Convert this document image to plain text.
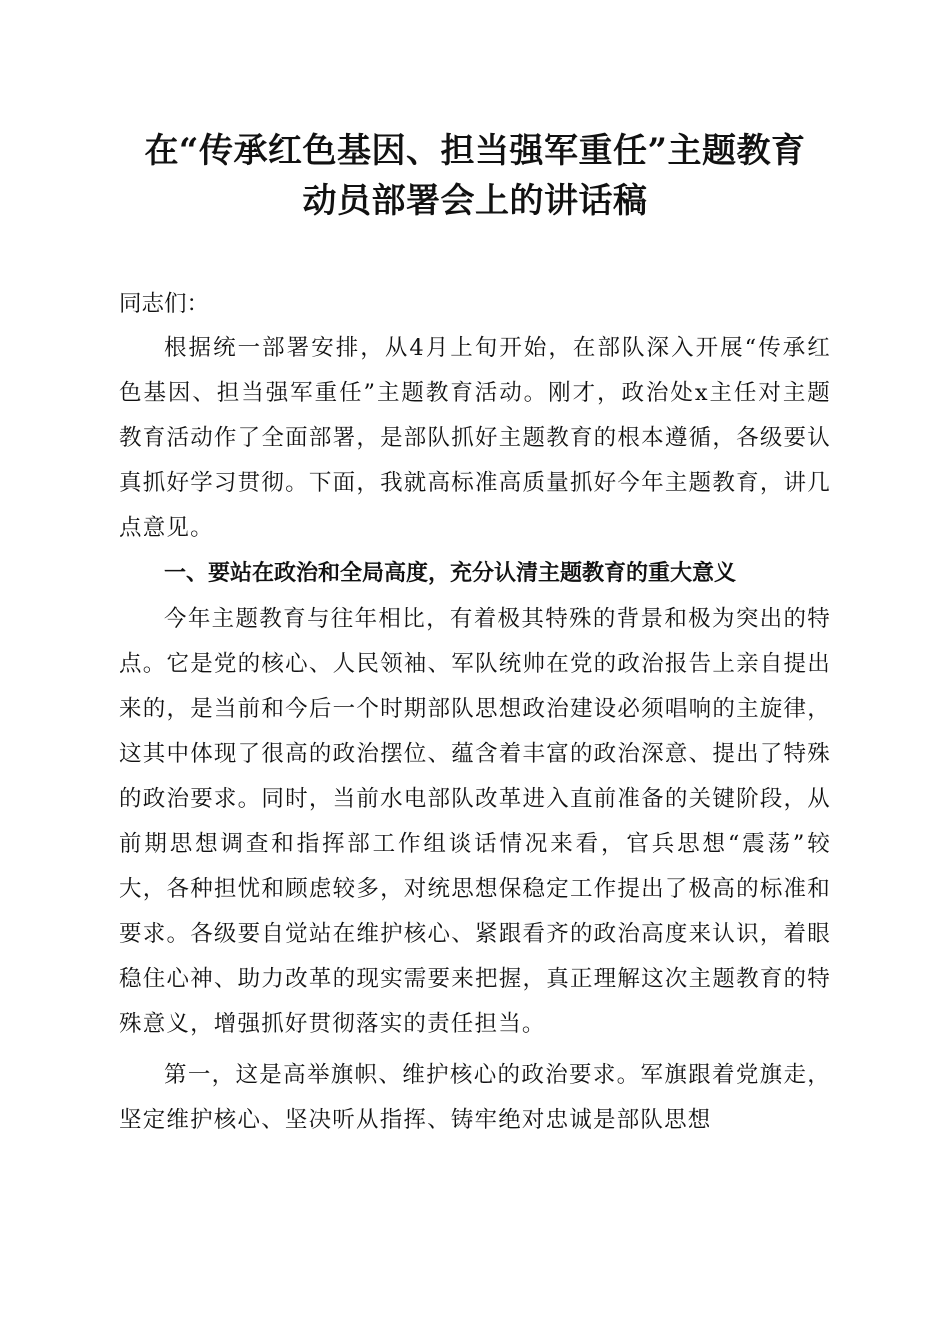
在“传承红色基因、担当强军重任”主题教育
动员部署会上的讲话稿

同志们：

根据统一部署安排，从4月上旬开始，在部队深入开展“传承红色基因、担当强军重任”主题教育活动。刚才，政治处x主任对主题教育活动作了全面部署，是部队抓好主题教育的根本遵循，各级要认真抓好学习贯彻。下面，我就高标准高质量抓好今年主题教育，讲几点意见。

一、要站在政治和全局高度，充分认清主题教育的重大意义

今年主题教育与往年相比，有着极其特殊的背景和极为突出的特点。它是党的核心、人民领袖、军队统帅在党的政治报告上亲自提出来的，是当前和今后一个时期部队思想政治建设必须唱响的主旋律，这其中体现了很高的政治摆位、蕴含着丰富的政治深意、提出了特殊的政治要求。同时，当前水电部队改革进入直前准备的关键阶段，从前期思想调查和指挥部工作组谈话情况来看，官兵思想“震荡”较大，各种担忧和顾虑较多，对统思想保稳定工作提出了极高的标准和要求。各级要自觉站在维护核心、紧跟看齐的政治高度来认识，着眼稳住心神、助力改革的现实需要来把握，真正理解这次主题教育的特殊意义，增强抓好贯彻落实的责任担当。

第一，这是高举旗帜、维护核心的政治要求。军旗跟着党旗走，坚定维护核心、坚决听从指挥、铸牢绝对忠诚是部队思想
